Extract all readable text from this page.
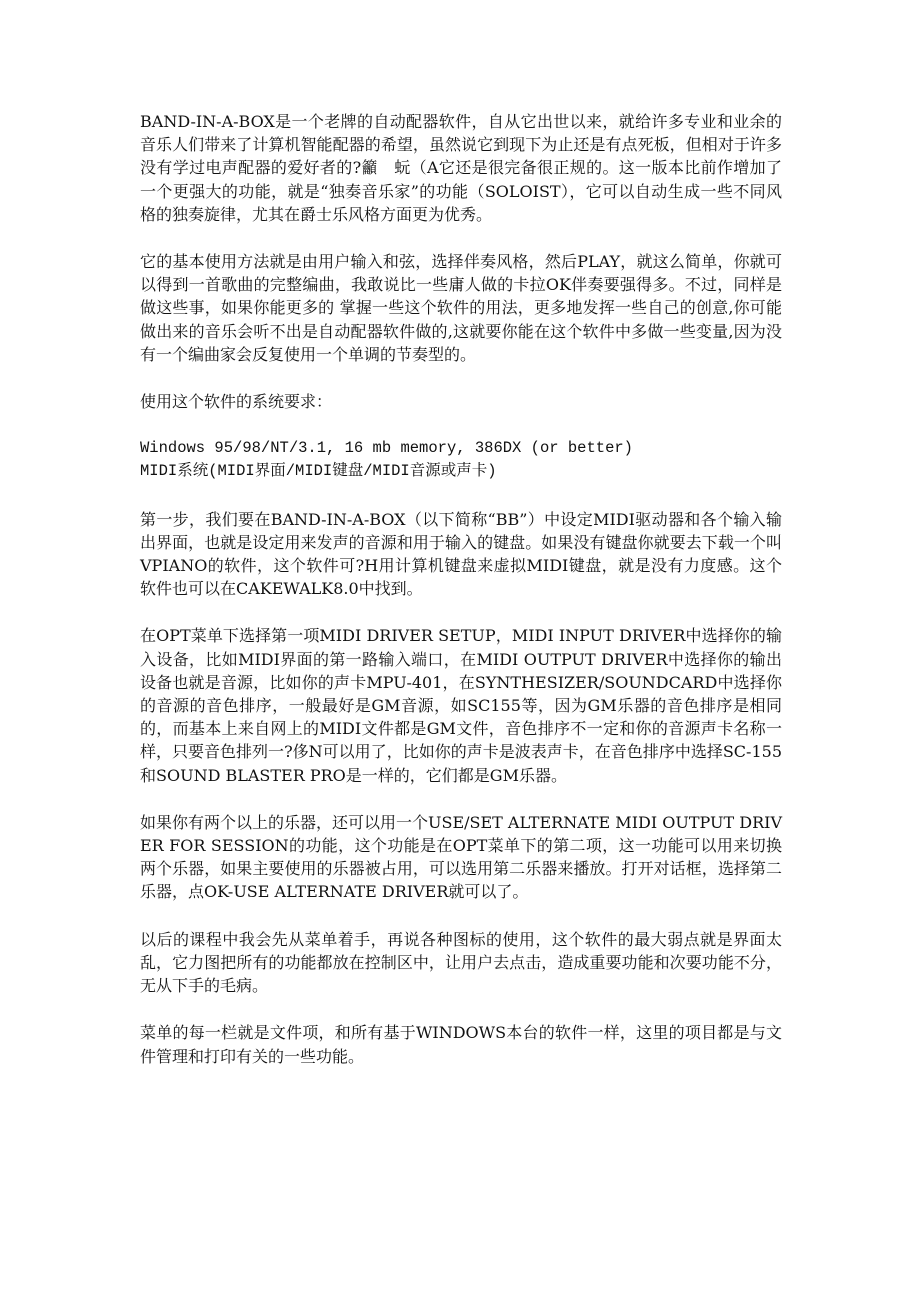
BAND-IN-A-BOX是一个老牌的自动配器软件，自从它出世以来，就给许多专业和业余的音乐人们带来了计算机智能配器的希望，虽然说它到现下为止还是有点死板，但相对于许多没有学过电声配器的爱好者的?籲　蚖（A它还是很完备很正规的。这一版本比前作增加了一个更强大的功能，就是“独奏音乐家”的功能（SOLOIST），它可以自动生成一些不同风格的独奏旋律，尤其在爵士乐风格方面更为优秀。

它的基本使用方法就是由用户输入和弦，选择伴奏风格，然后PLAY，就这么简单，你就可以得到一首歌曲的完整编曲，我敢说比一些庸人做的卡拉OK伴奏要强得多。不过，同样是做这些事，如果你能更多的 掌握一些这个软件的用法，更多地发挥一些自己的创意,你可能做出来的音乐会听不出是自动配器软件做的,这就要你能在这个软件中多做一些变量,因为没有一个编曲家会反复使用一个单调的节奏型的。

使用这个软件的系统要求：

Windows 95/98/NT/3.1, 16 mb memory, 386DX (or better)
MIDI系统(MIDI界面/MIDI键盘/MIDI音源或声卡)

第一步，我们要在BAND-IN-A-BOX（以下简称“BB”）中设定MIDI驱动器和各个输入输出界面，也就是设定用来发声的音源和用于输入的键盘。如果没有键盘你就要去下载一个叫VPIANO的软件，这个软件可?H用计算机键盘来虚拟MIDI键盘，就是没有力度感。这个软件也可以在CAKEWALK8.0中找到。

在OPT菜单下选择第一项MIDI DRIVER SETUP，MIDI INPUT DRIVER中选择你的输入设备，比如MIDI界面的第一路输入端口，在MIDI OUTPUT DRIVER中选择你的输出设备也就是音源，比如你的声卡MPU-401，在SYNTHESIZER/SOUNDCARD中选择你的音源的音色排序，一般最好是GM音源，如SC155等，因为GM乐器的音色排序是相同的，而基本上来自网上的MIDI文件都是GM文件，音色排序不一定和你的音源声卡名称一样，只要音色排列一?侈N可以用了，比如你的声卡是波表声卡，在音色排序中选择SC-155和SOUND BLASTER PRO是一样的，它们都是GM乐器。

如果你有两个以上的乐器，还可以用一个USE/SET ALTERNATE MIDI OUTPUT DRIVER FOR SESSION的功能，这个功能是在OPT菜单下的第二项，这一功能可以用来切换两个乐器，如果主要使用的乐器被占用，可以选用第二乐器来播放。打开对话框，选择第二乐器，点OK-USE ALTERNATE DRIVER就可以了。

以后的课程中我会先从菜单着手，再说各种图标的使用，这个软件的最大弱点就是界面太乱，它力图把所有的功能都放在控制区中，让用户去点击，造成重要功能和次要功能不分，无从下手的毛病。

菜单的每一栏就是文件项，和所有基于WINDOWS本台的软件一样，这里的项目都是与文件管理和打印有关的一些功能。
